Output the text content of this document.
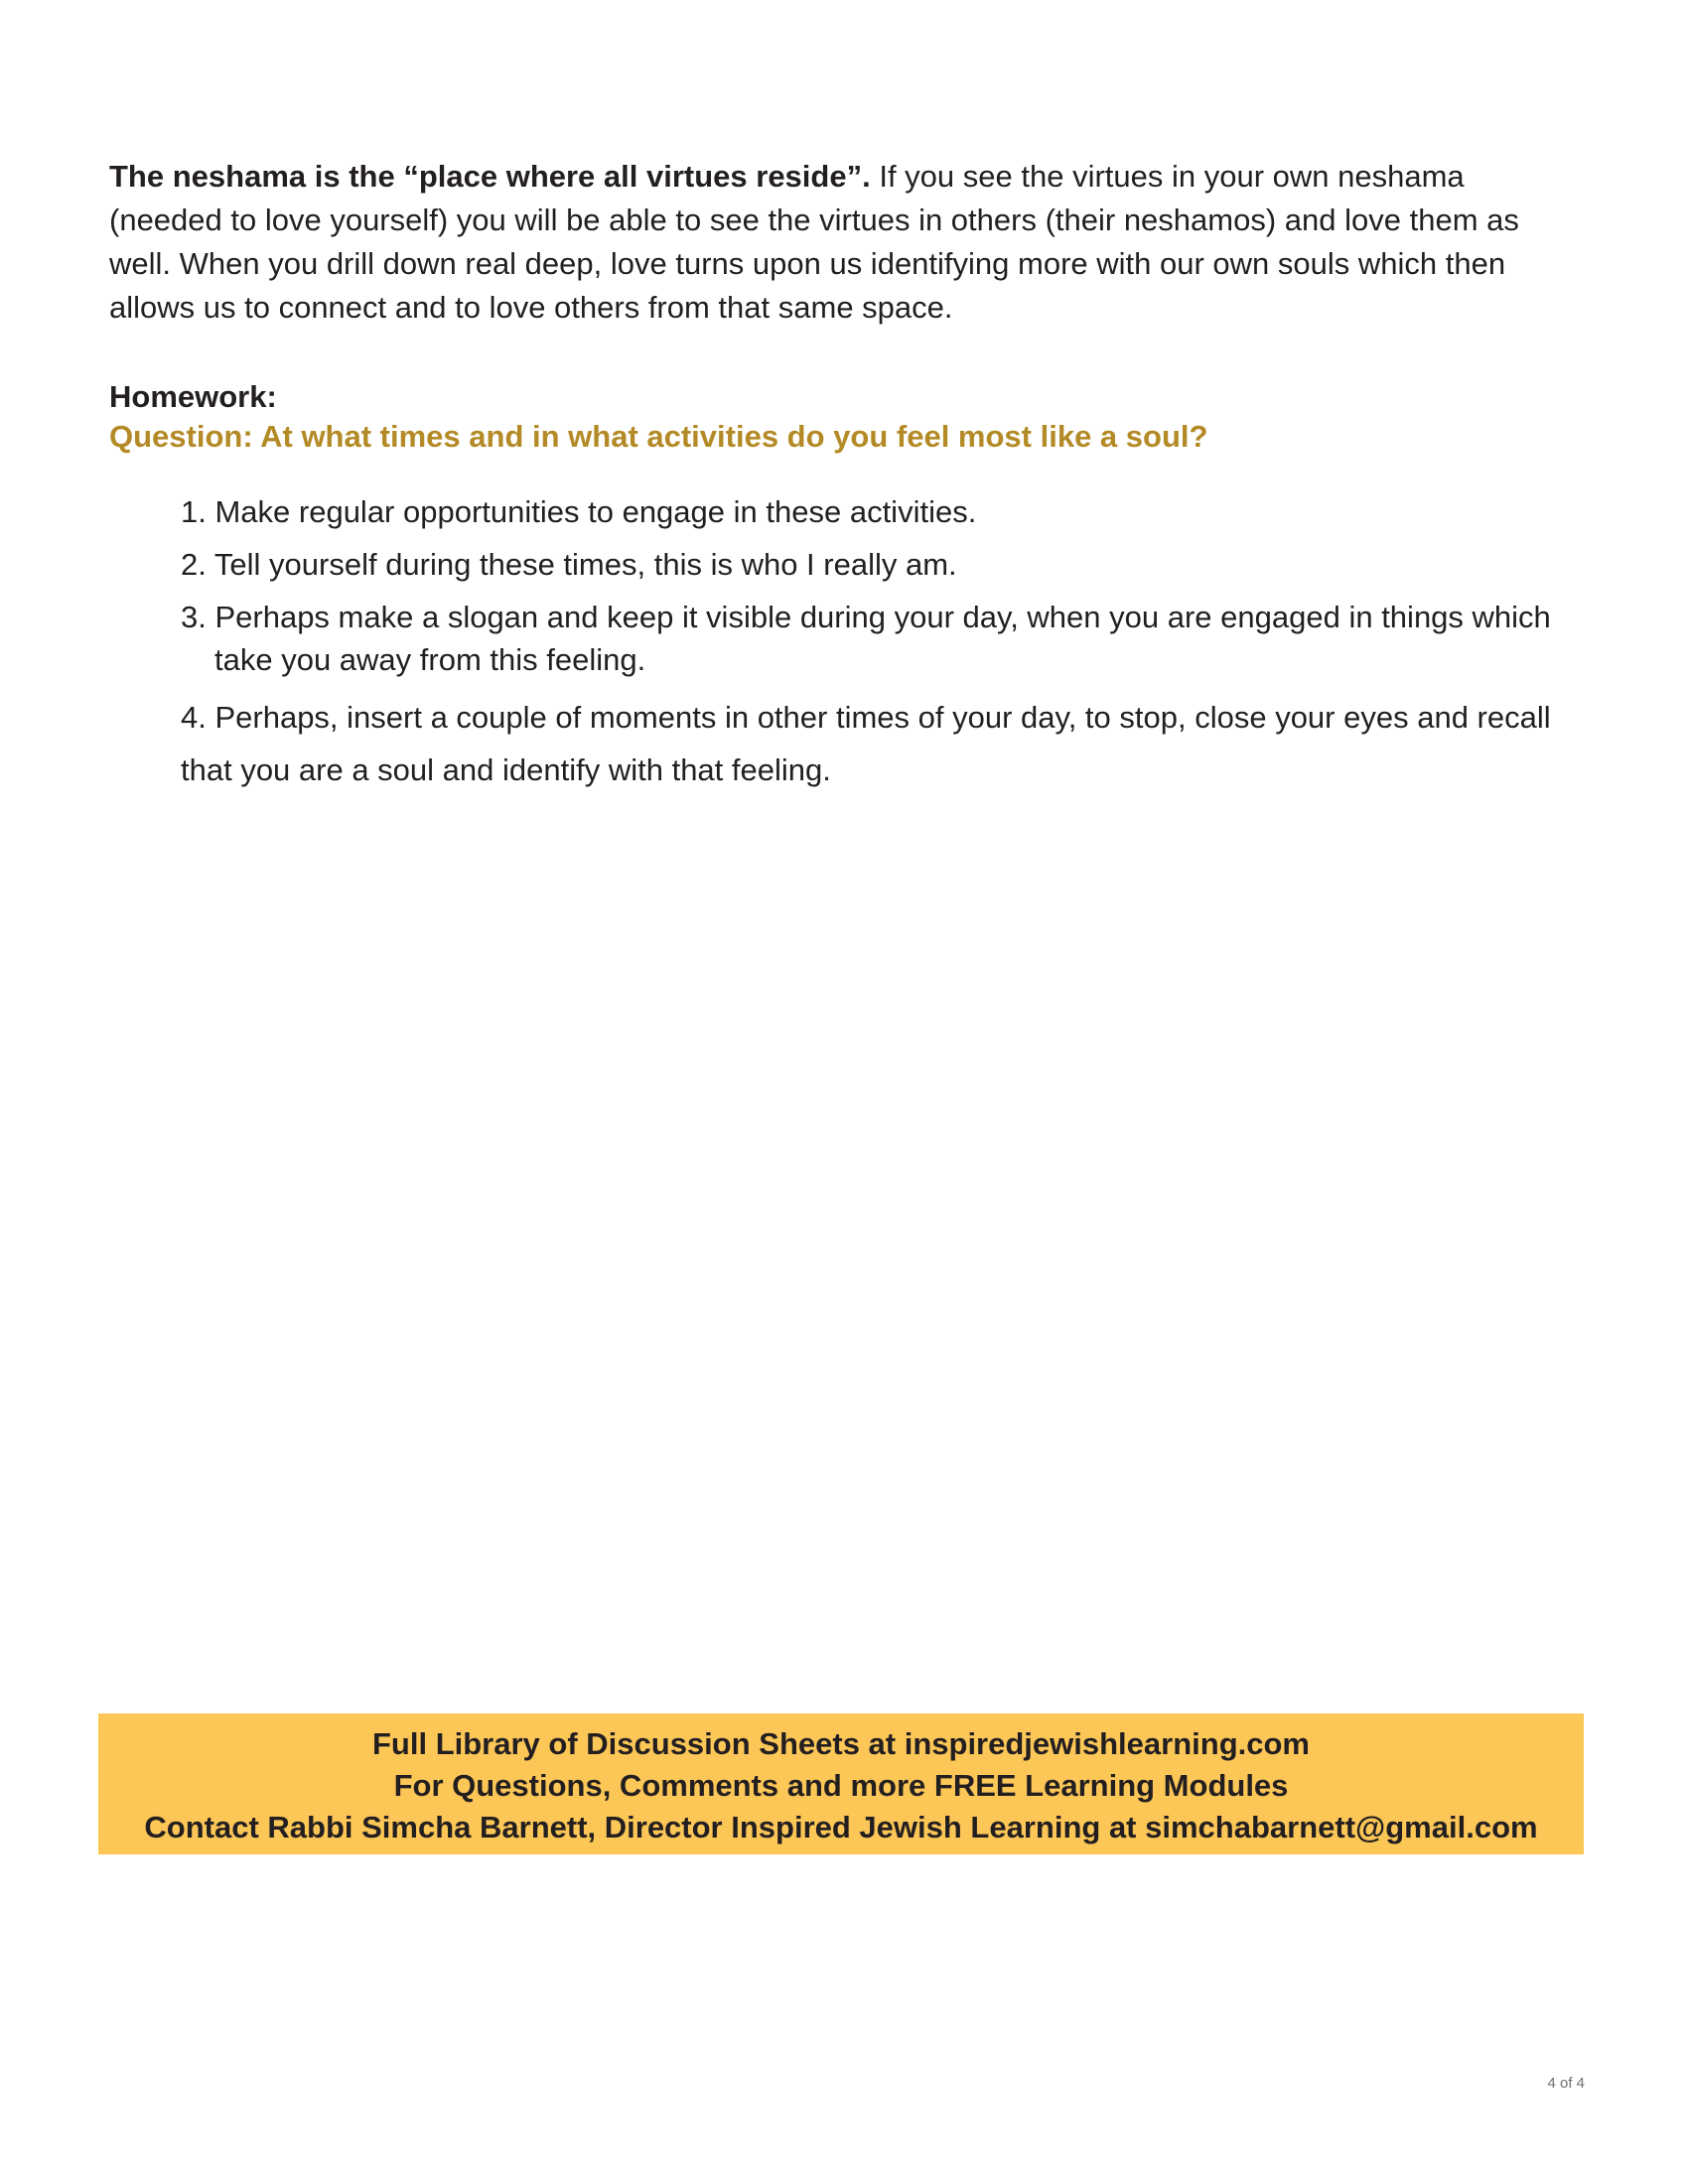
The neshama is the “place where all virtues reside”. If you see the virtues in your own neshama (needed to love yourself) you will be able to see the virtues in others (their neshamos) and love them as well. When you drill down real deep, love turns upon us identifying more with our own souls which then allows us to connect and to love others from that same space.

Homework:

Question: At what times and in what activities do you feel most like a soul?

1. Make regular opportunities to engage in these activities.
2. Tell yourself during these times, this is who I really am.
3. Perhaps make a slogan and keep it visible during your day, when you are engaged in things which take you away from this feeling.
4. Perhaps, insert a couple of moments in other times of your day, to stop, close your eyes and recall that you are a soul and identify with that feeling.
Full Library of Discussion Sheets at inspiredjewishlearning.com
For Questions, Comments and more FREE Learning Modules
Contact Rabbi Simcha Barnett, Director Inspired Jewish Learning at simchabarnett@gmail.com
4 of 4
